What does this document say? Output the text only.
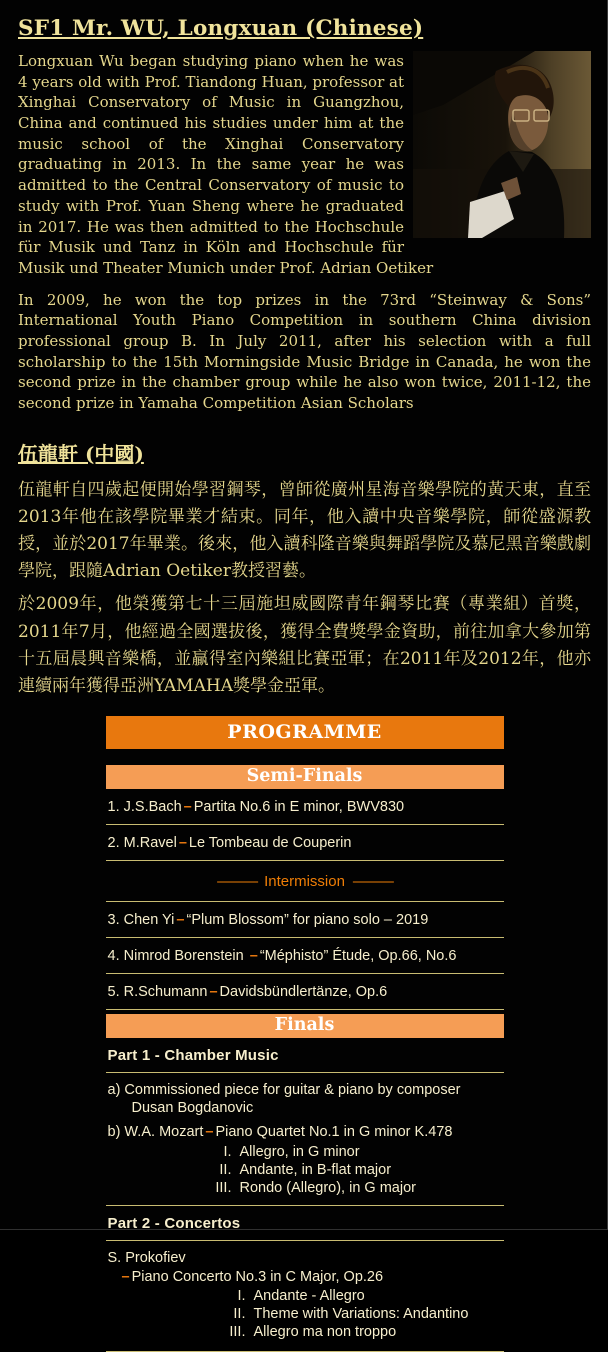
SF1 Mr. WU, Longxuan (Chinese)

Longxuan Wu began studying piano when he was 4 years old with Prof. Tiandong Huan, professor at Xinghai Conservatory of Music in Guangzhou, China and continued his studies under him at the music school of the Xinghai Conservatory graduating in 2013. In the same year he was admitted to the Central Conservatory of music to study with Prof. Yuan Sheng where he graduated in 2017. He was then admitted to the Hochschule für Musik und Tanz in Köln and Hochschule für Musik und Theater Munich under Prof. Adrian Oetiker

In 2009, he won the top prizes in the 73rd “Steinway & Sons” International Youth Piano Competition in southern China division professional group B. In July 2011, after his selection with a full scholarship to the 15th Morningside Music Bridge in Canada, he won the second prize in the chamber group while he also won twice, 2011-12, the second prize in Yamaha Competition Asian Scholars

伍龍軒 (中國)

伍龍軒自四歲起便開始學習鋼琴，曾師從廣州星海音樂學院的黃天東，直至2013年他在該學院畢業才結束。同年，他入讀中央音樂學院，師從盛源教授，並於2017年畢業。後來，他入讀科隆音樂與舞蹈學院及慕尼黑音樂戲劇學院，跟隨Adrian Oetiker教授習藝。

於2009年，他榮獲第七十三屆施坦威國際青年鋼琴比賽（專業組）首獎，2011年7月，他經過全國選拔後，獲得全費獎學金資助，前往加拿大參加第十五屆晨興音樂橋，並贏得室內樂組比賽亞軍；在2011年及2012年，他亦連續兩年獲得亞洲YAMAHA獎學金亞軍。

PROGRAMME
Semi-Finals
1. J.S.Bach – Partita No.6 in E minor, BWV830
2. M.Ravel – Le Tombeau de Couperin
——— Intermission ———
3. Chen Yi – “Plum Blossom” for piano solo – 2019
4. Nimrod Borenstein – “Méphisto” Étude, Op.66, No.6
5. R.Schumann – Davidsbündlertänze, Op.6
Finals
Part 1 - Chamber Music
a) Commissioned piece for guitar & piano by composer
Dusan Bogdanovic
b) W.A. Mozart – Piano Quartet No.1 in G minor K.478
I. Allegro, in G minor
II. Andante, in B-flat major
III. Rondo (Allegro), in G major
Part 2 - Concertos
S. Prokofiev
– Piano Concerto No.3 in C Major, Op.26
I. Andante - Allegro
II. Theme with Variations: Andantino
III. Allegro ma non troppo
